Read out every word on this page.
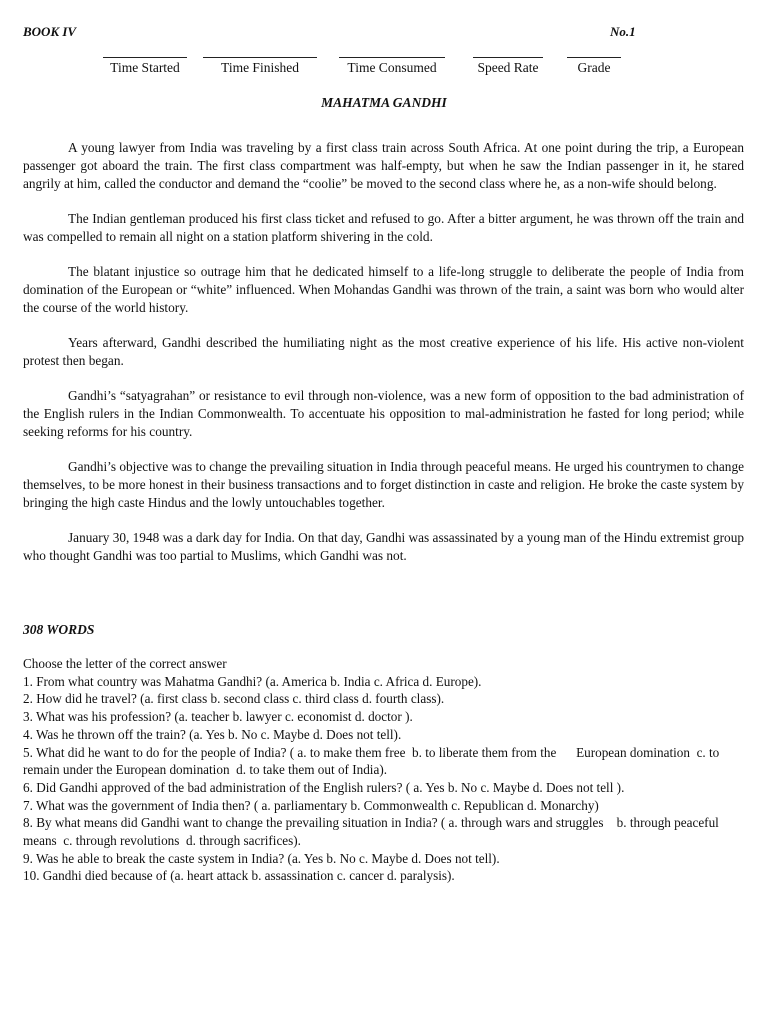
BOOK IV	No.1
Time Started	Time Finished	Time Consumed	Speed Rate	Grade
MAHATMA GANDHI

A young lawyer from India was traveling by a first class train across South Africa. At one point during the trip, a European passenger got aboard the train. The first class compartment was half-empty, but when he saw the Indian passenger in it, he stared angrily at him, called the conductor and demand the “coolie” be moved to the second class where he, as a non-wife should belong.

The Indian gentleman produced his first class ticket and refused to go. After a bitter argument, he was thrown off the train and was compelled to remain all night on a station platform shivering in the cold.

The blatant injustice so outrage him that he dedicated himself to a life-long struggle to deliberate the people of India from domination of the European or “white” influenced. When Mohandas Gandhi was thrown of the train, a saint was born who would alter the course of the world history.

Years afterward, Gandhi described the humiliating night as the most creative experience of his life. His active non-violent protest then began.

Gandhi’s “satyagrahan” or resistance to evil through non-violence, was a new form of opposition to the bad administration of the English rulers in the Indian Commonwealth. To accentuate his opposition to mal-administration he fasted for long period; while seeking reforms for his country.

Gandhi’s objective was to change the prevailing situation in India through peaceful means. He urged his countrymen to change themselves, to be more honest in their business transactions and to forget distinction in caste and religion. He broke the caste system by bringing the high caste Hindus and the lowly untouchables together.

January 30, 1948 was a dark day for India. On that day, Gandhi was assassinated by a young man of the Hindu extremist group who thought Gandhi was too partial to Muslims, which Gandhi was not.

308 WORDS
Choose the letter of the correct answer
1. From what country was Mahatma Gandhi? (a. America b. India c. Africa d. Europe).
2. How did he travel? (a. first class b. second class c. third class d. fourth class).
3. What was his profession? (a. teacher b. lawyer c. economist d. doctor ).
4. Was he thrown off the train? (a. Yes b. No c. Maybe d. Does not tell).
5. What did he want to do for the people of India? ( a. to make them free  b. to liberate them from the      European domination  c. to remain under the European domination  d. to take them out of India).
6. Did Gandhi approved of the bad administration of the English rulers? ( a. Yes b. No c. Maybe d. Does not tell ).
7. What was the government of India then? ( a. parliamentary b. Commonwealth c. Republican d. Monarchy)
8. By what means did Gandhi want to change the prevailing situation in India? ( a. through wars and struggles    b. through peaceful means  c. through revolutions  d. through sacrifices).
9. Was he able to break the caste system in India? (a. Yes b. No c. Maybe d. Does not tell).
10. Gandhi died because of (a. heart attack b. assassination c. cancer d. paralysis).
